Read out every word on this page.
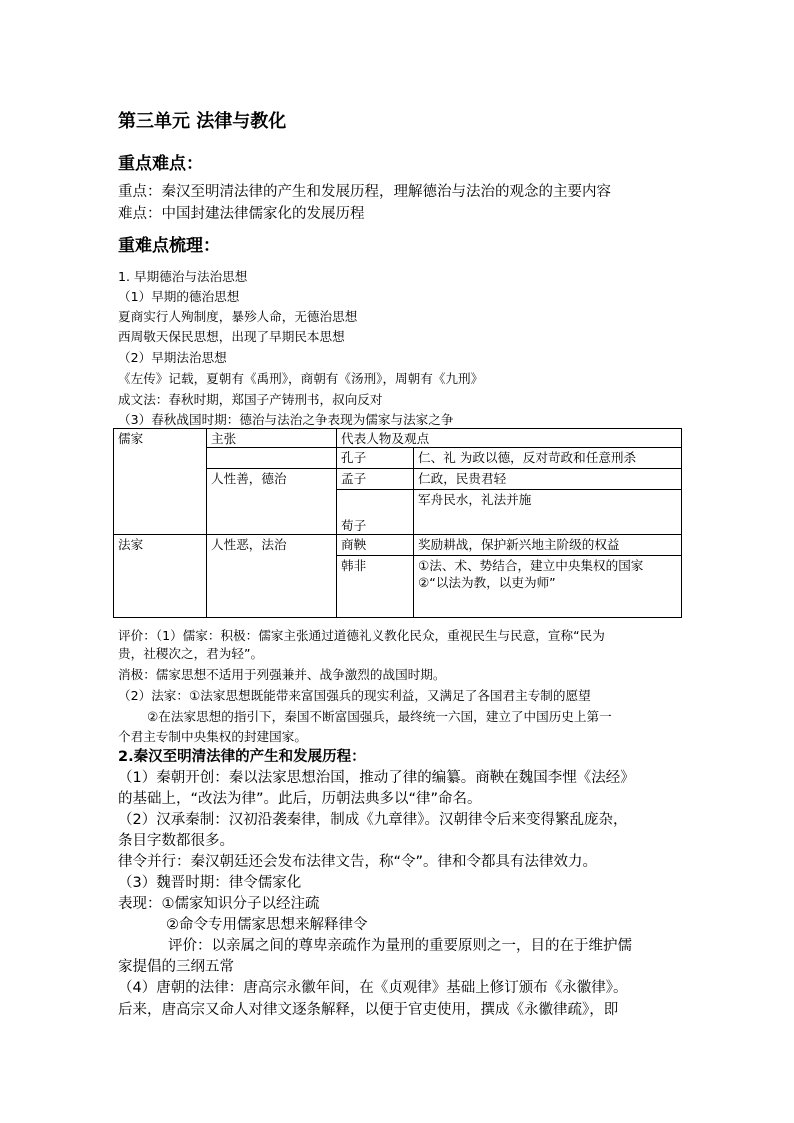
第三单元 法律与教化
重点难点：
重点：秦汉至明清法律的产生和发展历程，理解德治与法治的观念的主要内容
难点：中国封建法律儒家化的发展历程
重难点梳理：
1. 早期德治与法治思想
（1）早期的德治思想
夏商实行人殉制度，暴殄人命，无德治思想
西周敬天保民思想，出现了早期民本思想
（2）早期法治思想
《左传》记载，夏朝有《禹刑》，商朝有《汤刑》，周朝有《九刑》
成文法：春秋时期，郑国子产铸刑书，叔向反对
（3）春秋战国时期：德治与法治之争表现为儒家与法家之争
儒家	主张	代表人物及观点	
		孔子	仁、礼 为政以德，反对苛政和任意刑杀
	人性善，德治	孟子	仁政，民贵君轻
		荀子	军舟民水，礼法并施
法家	人性恶，法治	商鞅	奖励耕战，保护新兴地主阶级的权益
		韩非	①法、术、势结合，建立中央集权的国家
②“以法为教，以吏为师”
评价：（1）儒家：积极：儒家主张通过道德礼义教化民众，重视民生与民意，宣称“民为
贵，社稷次之，君为轻”。
消极：儒家思想不适用于列强兼并、战争激烈的战国时期。
（2）法家：①法家思想既能带来富国强兵的现实利益，又满足了各国君主专制的愿望
②在法家思想的指引下，秦国不断富国强兵，最终统一六国，建立了中国历史上第一
个君主专制中央集权的封建国家。
2.秦汉至明清法律的产生和发展历程：
（1）秦朝开创：秦以法家思想治国，推动了律的编纂。商鞅在魏国李悝《法经》
的基础上，“改法为律”。此后，历朝法典多以“律”命名。
（2）汉承秦制：汉初沿袭秦律，制成《九章律》。汉朝律令后来变得繁乱庞杂，
条目字数都很多。
律令并行：秦汉朝廷还会发布法律文告，称“令”。律和令都具有法律效力。
（3）魏晋时期：律令儒家化
表现：①儒家知识分子以经注疏
②命令专用儒家思想来解释律令
评价：以亲属之间的尊卑亲疏作为量刑的重要原则之一，目的在于维护儒
家提倡的三纲五常
（4）唐朝的法律：唐高宗永徽年间，在《贞观律》基础上修订颁布《永徽律》。
后来，唐高宗又命人对律文逐条解释，以便于官吏使用，撰成《永徽律疏》，即
